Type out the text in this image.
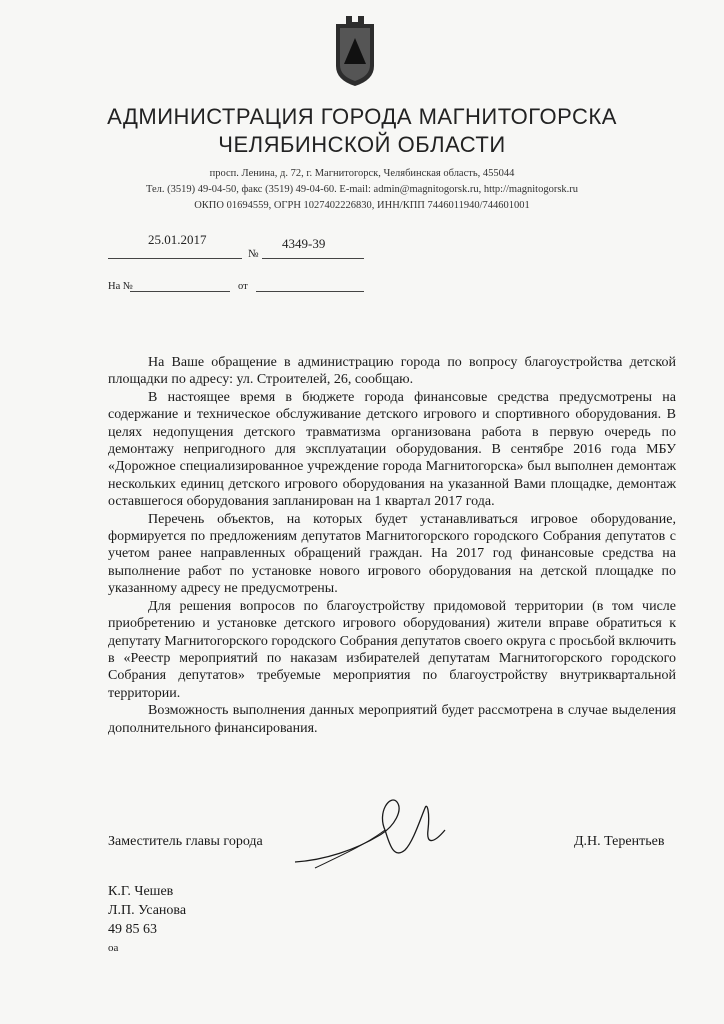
АДМИНИСТРАЦИЯ ГОРОДА МАГНИТОГОРСКА
ЧЕЛЯБИНСКОЙ ОБЛАСТИ
просп. Ленина, д. 72, г. Магнитогорск, Челябинская область, 455044
Тел. (3519) 49-04-50, факс (3519) 49-04-60. E-mail: admin@magnitogorsk.ru, http://magnitogorsk.ru
ОКПО 01694559, ОГРН 1027402226830, ИНН/КПП 7446011940/744601001
25.01.2017
№
4349-39
На №	от

На Ваше обращение в администрацию города по вопросу благоустройства детской площадки по адресу: ул. Строителей, 26, сообщаю.

В настоящее время в бюджете города финансовые средства предусмотрены на содержание и техническое обслуживание детского игрового и спортивного оборудования. В целях недопущения детского травматизма организована работа в первую очередь по демонтажу непригодного для эксплуатации оборудования. В сентябре 2016 года МБУ «Дорожное специализированное учреждение города Магнитогорска» был выполнен демонтаж нескольких единиц детского игрового оборудования на указанной Вами площадке, демонтаж оставшегося оборудования запланирован на 1 квартал 2017 года.

Перечень объектов, на которых будет устанавливаться игровое оборудование, формируется по предложениям депутатов Магнитогорского городского Собрания депутатов с учетом ранее направленных обращений граждан. На 2017 год финансовые средства на выполнение работ по установке нового игрового оборудования на детской площадке по указанному адресу не предусмотрены.

Для решения вопросов по благоустройству придомовой территории (в том числе приобретению и установке детского игрового оборудования) жители вправе обратиться к депутату Магнитогорского городского Собрания депутатов своего округа с просьбой включить в «Реестр мероприятий по наказам избирателей депутатам Магнитогорского городского Собрания депутатов» требуемые мероприятия по благоустройству внутриквартальной территории.

Возможность выполнения данных мероприятий будет рассмотрена в случае выделения дополнительного финансирования.

Заместитель главы города	Д.Н. Терентьев
К.Г. Чешев
Л.П. Усанова
49 85 63
оа
